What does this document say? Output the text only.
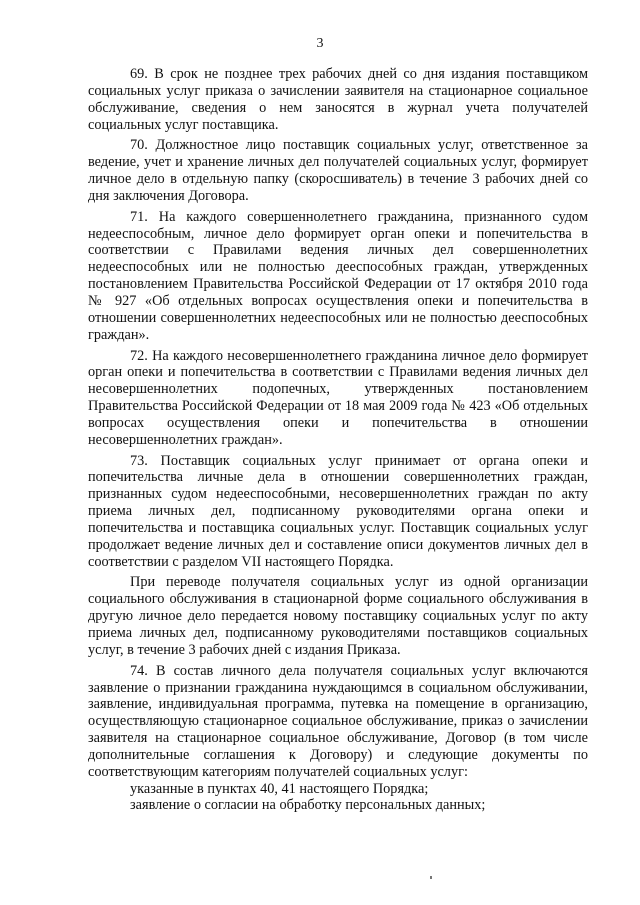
3

69. В срок не позднее трех рабочих дней со дня издания поставщиком социальных услуг приказа о зачислении заявителя на стационарное социальное обслуживание, сведения о нем заносятся в журнал учета получателей социальных услуг поставщика.

70. Должностное лицо поставщик социальных услуг, ответственное за ведение, учет и хранение личных дел получателей социальных услуг, формирует личное дело в отдельную папку (скоросшиватель) в течение 3 рабочих дней со дня заключения Договора.

71. На каждого совершеннолетнего гражданина, признанного судом недееспособным, личное дело формирует орган опеки и попечительства в соответствии с Правилами ведения личных дел совершеннолетних недееспособных или не полностью дееспособных граждан, утвержденных постановлением Правительства Российской Федерации от 17 октября 2010 года № 927 «Об отдельных вопросах осуществления опеки и попечительства в отношении совершеннолетних недееспособных или не полностью дееспособных граждан».

72. На каждого несовершеннолетнего гражданина личное дело формирует орган опеки и попечительства в соответствии с Правилами ведения личных дел несовершеннолетних подопечных, утвержденных постановлением Правительства Российской Федерации от 18 мая 2009 года № 423 «Об отдельных вопросах осуществления опеки и попечительства в отношении несовершеннолетних граждан».

73. Поставщик социальных услуг принимает от органа опеки и попечительства личные дела в отношении совершеннолетних граждан, признанных судом недееспособными, несовершеннолетних граждан по акту приема личных дел, подписанному руководителями органа опеки и попечительства и поставщика социальных услуг. Поставщик социальных услуг продолжает ведение личных дел и составление описи документов личных дел в соответствии с разделом VII настоящего Порядка.

При переводе получателя социальных услуг из одной организации социального обслуживания в стационарной форме социального обслуживания в другую личное дело передается новому поставщику социальных услуг по акту приема личных дел, подписанному руководителями поставщиков социальных услуг, в течение 3 рабочих дней с издания Приказа.

74. В состав личного дела получателя социальных услуг включаются заявление о признании гражданина нуждающимся в социальном обслуживании, заявление, индивидуальная программа, путевка на помещение в организацию, осуществляющую стационарное социальное обслуживание, приказ о зачислении заявителя на стационарное социальное обслуживание, Договор (в том числе дополнительные соглашения к Договору) и следующие документы по соответствующим категориям получателей социальных услуг:

указанные в пунктах 40, 41 настоящего Порядка;

заявление о согласии на обработку персональных данных;
